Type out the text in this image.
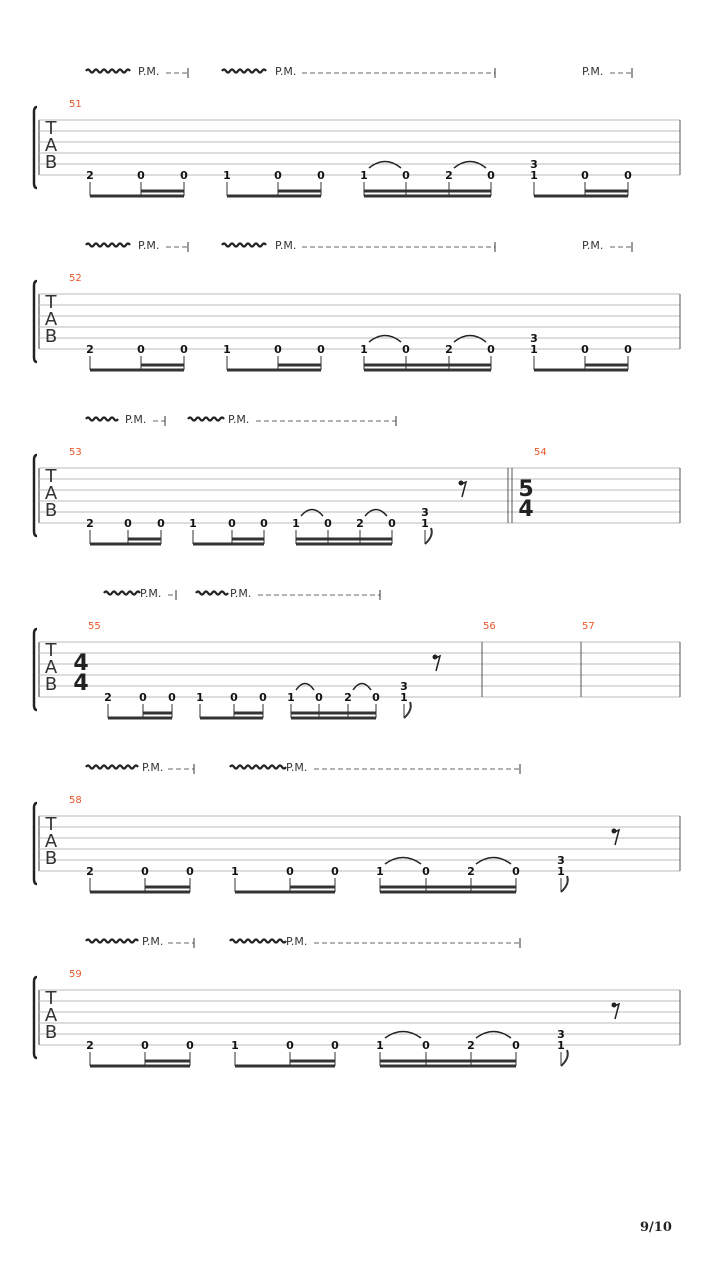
T
A
B
51
P.M.	P.M.	P.M.
2	0	0	1	0	0	1	0	2	0
3
1	0	0
T
A
B
52
P.M.	P.M.	P.M.
2	0	0	1	0	0	1	0	2	0
3
1	0	0
T
A
B
53	54
5
4
P.M.	P.M.
2	0 0 1	0 0 1 0 2 0
3
1
T
A
B
55
4
4
56	57
P.M.	P.M.
2 0 0 1 0 0 1 0 2 0
3
1
T
A
B
58
P.M.	P.M.
2	0	0	1	0	0	1	0	2	0
3
1
T
A
B
59
P.M.	P.M.
2	0	0	1	0	0	1	0	2	0
3
1
9/10
